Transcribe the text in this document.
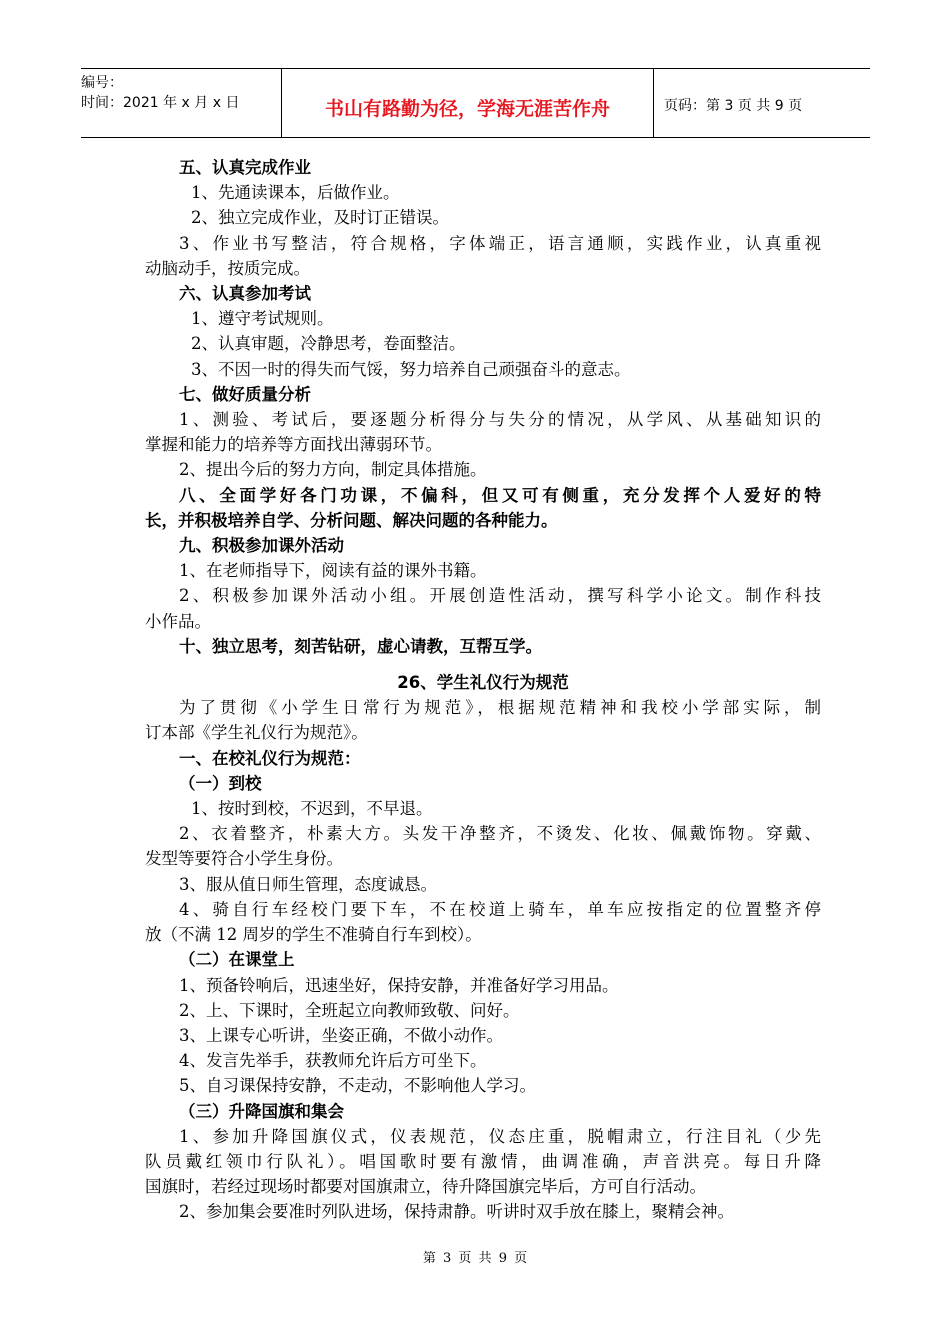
编号：
时间：2021 年 x 月 x 日	书山有路勤为径，学海无涯苦作舟	页码：第 3 页 共 9 页
五、认真完成作业
1、先通读课本，后做作业。
2、独立完成作业，及时订正错误。
3、作业书写整洁，符合规格，字体端正，语言通顺，实践作业，认真重视
动脑动手，按质完成。
六、认真参加考试
1、遵守考试规则。
2、认真审题，冷静思考，卷面整洁。
3、不因一时的得失而气馁，努力培养自己顽强奋斗的意志。
七、做好质量分析
1、测验、考试后，要逐题分析得分与失分的情况，从学风、从基础知识的
掌握和能力的培养等方面找出薄弱环节。
2、提出今后的努力方向，制定具体措施。
八、全面学好各门功课，不偏科，但又可有侧重，充分发挥个人爱好的特
长，并积极培养自学、分析问题、解决问题的各种能力。
九、积极参加课外活动
1、在老师指导下，阅读有益的课外书籍。
2、积极参加课外活动小组。开展创造性活动，撰写科学小论文。制作科技
小作品。
十、独立思考，刻苦钻研，虚心请教，互帮互学。
26、学生礼仪行为规范
为了贯彻《小学生日常行为规范》，根据规范精神和我校小学部实际，制
订本部《学生礼仪行为规范》。
一、在校礼仪行为规范：
（一）到校
1、按时到校，不迟到，不早退。
2、衣着整齐，朴素大方。头发干净整齐，不烫发、化妆、佩戴饰物。穿戴、
发型等要符合小学生身份。
3、服从值日师生管理，态度诚恳。
4、骑自行车经校门要下车，不在校道上骑车，单车应按指定的位置整齐停
放（不满 12 周岁的学生不准骑自行车到校）。
（二）在课堂上
1、预备铃响后，迅速坐好，保持安静，并准备好学习用品。
2、上、下课时，全班起立向教师致敬、问好。
3、上课专心听讲，坐姿正确，不做小动作。
4、发言先举手，获教师允许后方可坐下。
5、自习课保持安静，不走动，不影响他人学习。
（三）升降国旗和集会
1、参加升降国旗仪式，仪表规范，仪态庄重，脱帽肃立，行注目礼（少先
队员戴红领巾行队礼）。唱国歌时要有激情，曲调准确，声音洪亮。每日升降
国旗时，若经过现场时都要对国旗肃立，待升降国旗完毕后，方可自行活动。
2、参加集会要准时列队进场，保持肃静。听讲时双手放在膝上，聚精会神。
第 3 页 共 9 页
